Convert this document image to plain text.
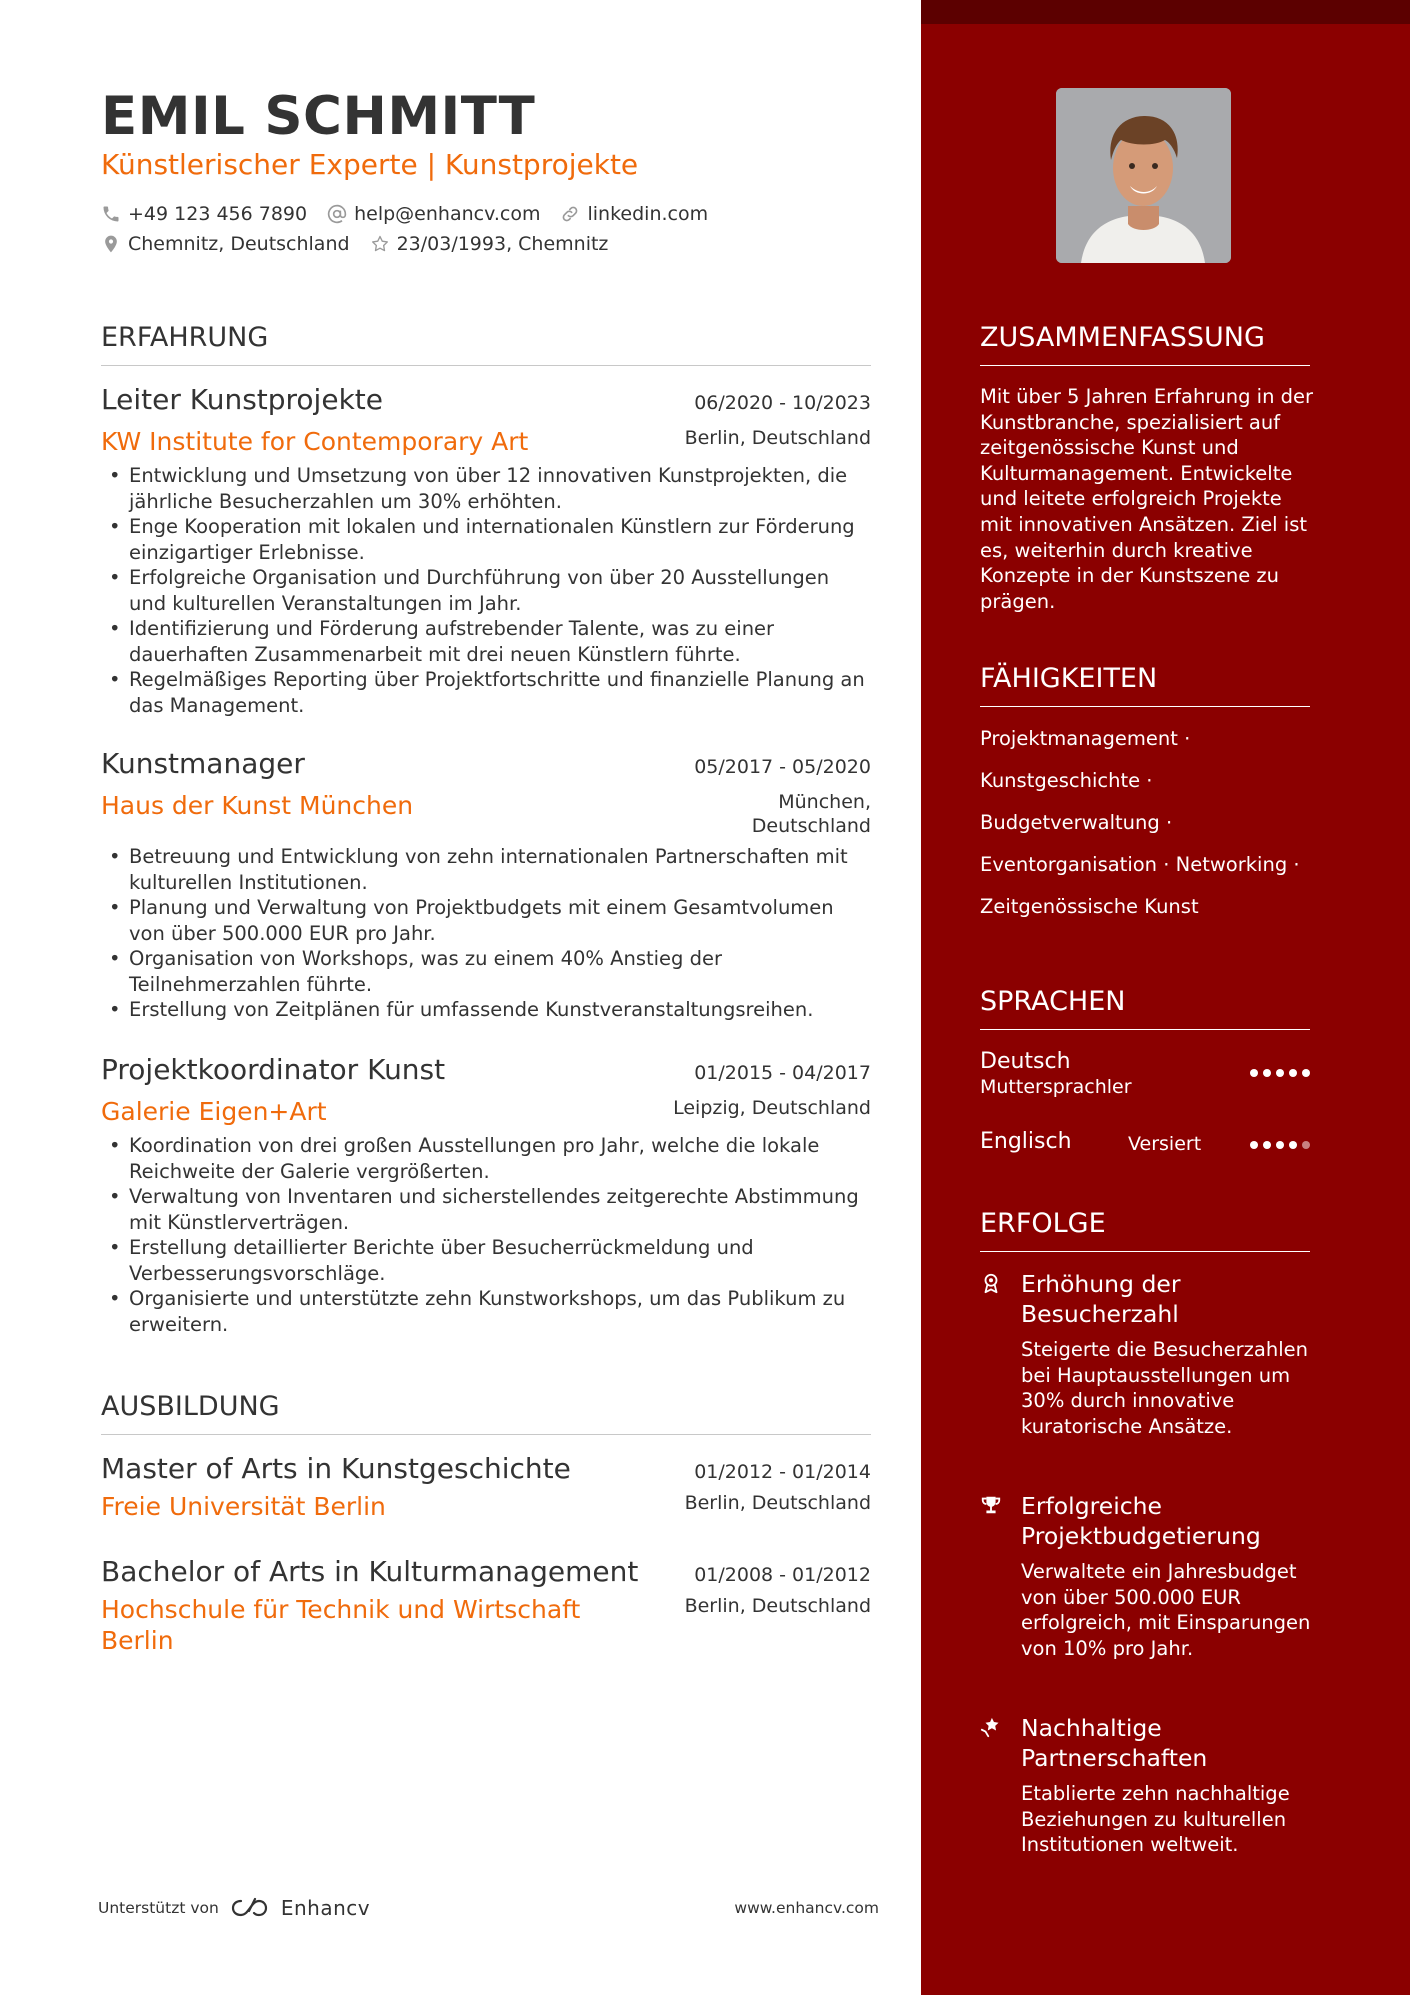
EMIL SCHMITT
Künstlerischer Experte | Kunstprojekte
+49 123 456 7890 help@enhancv.com linkedin.com
Chemnitz, Deutschland 23/03/1993, Chemnitz
ERFAHRUNG
Leiter Kunstprojekte	06/2020 - 10/2023
KW Institute for Contemporary Art	Berlin, Deutschland
• Entwicklung und Umsetzung von über 12 innovativen Kunstprojekten, die jährliche Besucherzahlen um 30% erhöhten.
• Enge Kooperation mit lokalen und internationalen Künstlern zur Förderung einzigartiger Erlebnisse.
• Erfolgreiche Organisation und Durchführung von über 20 Ausstellungen und kulturellen Veranstaltungen im Jahr.
• Identifizierung und Förderung aufstrebender Talente, was zu einer dauerhaften Zusammenarbeit mit drei neuen Künstlern führte.
• Regelmäßiges Reporting über Projektfortschritte und finanzielle Planung an das Management.
Kunstmanager	05/2017 - 05/2020
Haus der Kunst München	München,
Deutschland
• Betreuung und Entwicklung von zehn internationalen Partnerschaften mit kulturellen Institutionen.
• Planung und Verwaltung von Projektbudgets mit einem Gesamtvolumen von über 500.000 EUR pro Jahr.
• Organisation von Workshops, was zu einem 40% Anstieg der Teilnehmerzahlen führte.
• Erstellung von Zeitplänen für umfassende Kunstveranstaltungsreihen.
Projektkoordinator Kunst	01/2015 - 04/2017
Galerie Eigen+Art	Leipzig, Deutschland
• Koordination von drei großen Ausstellungen pro Jahr, welche die lokale Reichweite der Galerie vergrößerten.
• Verwaltung von Inventaren und sicherstellendes zeitgerechte Abstimmung mit Künstlerverträgen.
• Erstellung detaillierter Berichte über Besucherrückmeldung und Verbesserungsvorschläge.
• Organisierte und unterstützte zehn Kunstworkshops, um das Publikum zu erweitern.
AUSBILDUNG
Master of Arts in Kunstgeschichte	01/2012 - 01/2014
Freie Universität Berlin	Berlin, Deutschland
Bachelor of Arts in Kulturmanagement	01/2008 - 01/2012
Hochschule für Technik und Wirtschaft
Berlin
Berlin, Deutschland
Unterstützt von	Enhancv	www.enhancv.com
ZUSAMMENFASSUNG
Mit über 5 Jahren Erfahrung in der Kunstbranche, spezialisiert auf zeitgenössische Kunst und Kulturmanagement. Entwickelte und leitete erfolgreich Projekte mit innovativen Ansätzen. Ziel ist es, weiterhin durch kreative Konzepte in der Kunstszene zu prägen.
FÄHIGKEITEN
Projektmanagement ·
Kunstgeschichte ·
Budgetverwaltung ·
Eventorganisation · Networking ·
Zeitgenössische Kunst
SPRACHEN
Deutsch
Muttersprachler
Englisch	Versiert
ERFOLGE
Erhöhung der Besucherzahl
Steigerte die Besucherzahlen bei Hauptausstellungen um 30% durch innovative kuratorische Ansätze.
Erfolgreiche Projektbudgetierung
Verwaltete ein Jahresbudget von über 500.000 EUR erfolgreich, mit Einsparungen von 10% pro Jahr.
Nachhaltige Partnerschaften
Etablierte zehn nachhaltige Beziehungen zu kulturellen Institutionen weltweit.
